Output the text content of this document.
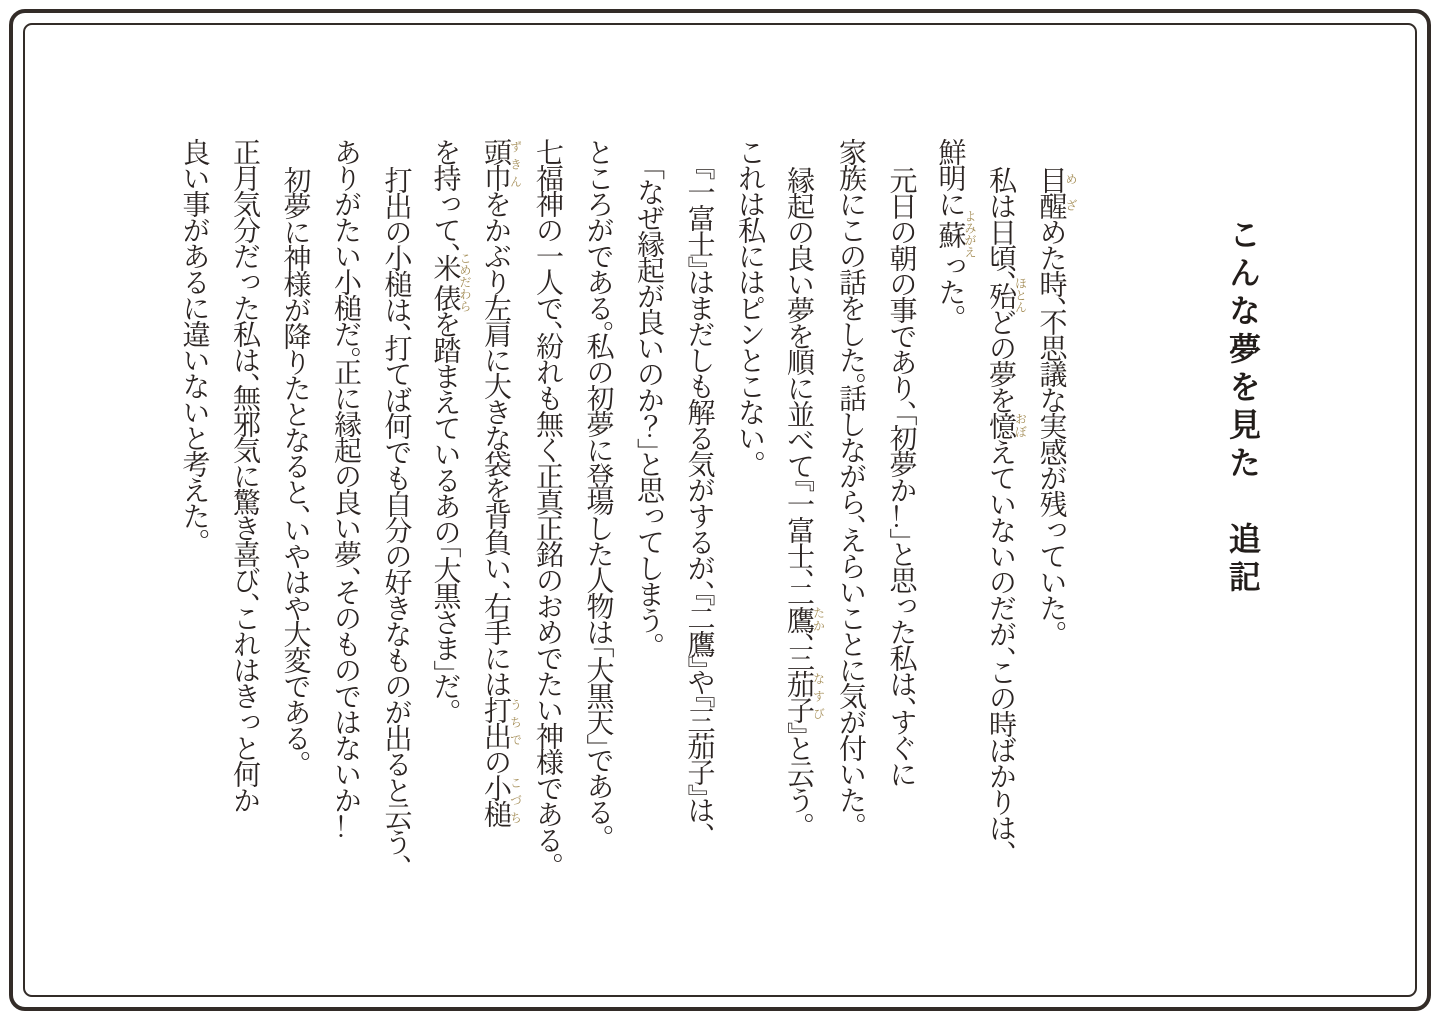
こんな夢を見た　追記
目醒めざめた時、不思議な実感が残っていた。
私は日頃、殆ほとんどの夢を憶おぼえていないのだが、この時ばかりは、
鮮明に蘇よみがえった。
元日の朝の事であり、「初夢か！」と思った私は、すぐに
家族にこの話をした。話しながら、えらいことに気が付いた。
縁起の良い夢を順に並べて『一富士、二鷹たか、三茄子なすび』と云う。
これは私にはピンとこない。
『一富士』はまだしも解る気がするが、『二鷹』や『三茄子』は、
「なぜ縁起が良いのか？」と思ってしまう。
ところがである。私の初夢に登場した人物は「大黒天」である。
七福神の一人で、紛れも無く正真正銘のおめでたい神様である。
頭巾ずきんをかぶり左肩に大きな袋を背負い、右手には打出うちでの小槌こづち
を持って、米俵こめだわらを踏まえているあの「大黒さま」だ。
打出の小槌は、打てば何でも自分の好きなものが出ると云う、
ありがたい小槌だ。正に縁起の良い夢、そのものではないか！
初夢に神様が降りたとなると、いやはや大変である。
正月気分だった私は、無邪気に驚き喜び、これはきっと何か
良い事があるに違いないと考えた。
